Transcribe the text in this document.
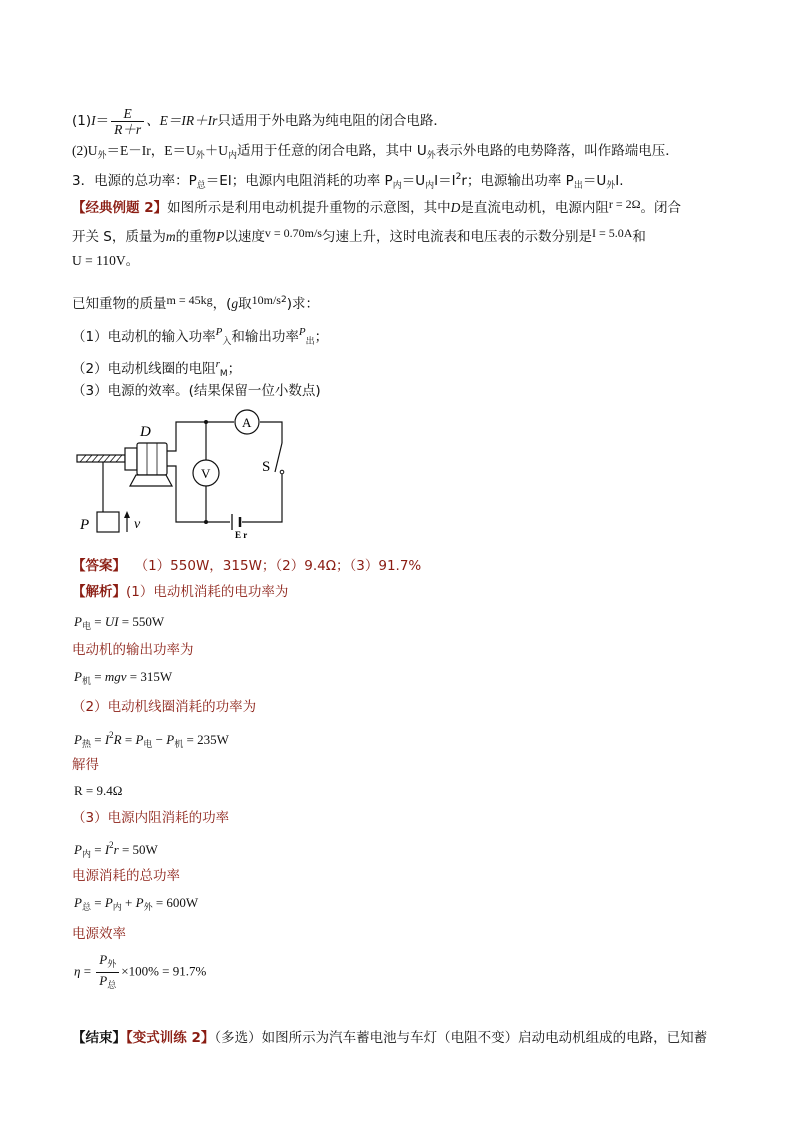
$(1)I= \frac{E}{R+r}$ 、E＝IR＋Ir只适用于外电路为纯电阻的闭合电路．
$(2)U_外=E-Ir$，$E=U_外+U_内$适用于任意的闭合电路，其中 $U_外$表示外电路的电势降落，叫作路端电压．
3．电源的总功率：$P_总=EI$；电源内电阻消耗的功率 $P_内=U_内I=I^2r$；电源输出功率 $P_出=U_外I$.
【经典例题 2】如图所示是利用电动机提升重物的示意图，其中D是直流电动机，电源内阻r = 2Ω。闭合
开关 S，质量为m的重物P以速度v = 0.70m/s匀速上升，这时电流表和电压表的示数分别是I = 5.0A和
U = 110V。
已知重物的质量m = 45kg，(g取$10m/s^2$)求：
（1）电动机的输入功率$^P_入$和输出功率$^P_出$；
（2）电动机线圈的电阻$^r_M$；
（3）电源的效率。(结果保留一位小数点)
D
P	v
A
V	S
E r
【答案】 （1）550W，315W；（2）9.4Ω；（3）91.7%
【解析】(1）电动机消耗的电功率为
$P_电$ = UI = 550W
电动机的输出功率为
$P_机$ = mgv = 315W
（2）电动机线圈消耗的功率为
$P_热 = I^2R = P_电 - P_机 = 235W$
解得
R = 9.4Ω
（3）电源内阻消耗的功率
$P_内 = I^2r = 50W$
电源消耗的总功率
$P_总 = P_内 + P_外 = 600W$
电源效率
$\eta = \frac{P_外}{P_总} \times 100\% = 91.7\%$
【结束】【变式训练 2】（多选）如图所示为汽车蓄电池与车灯（电阻不变）启动电动机组成的电路，已知蓄
